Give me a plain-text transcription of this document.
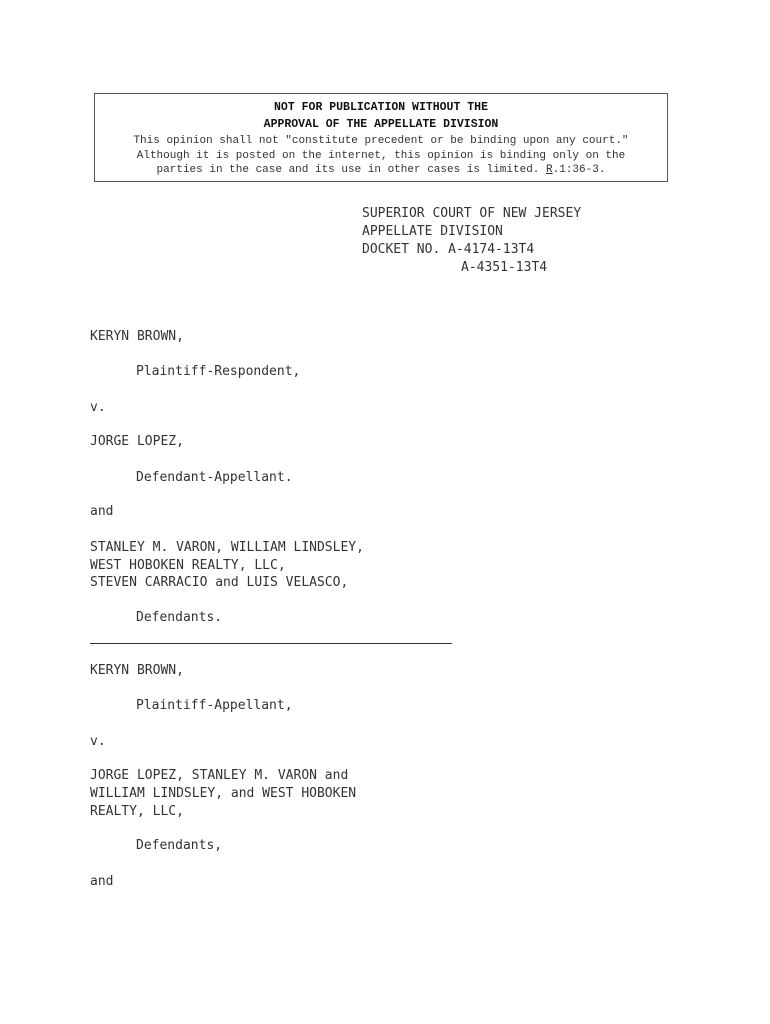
NOT FOR PUBLICATION WITHOUT THE
APPROVAL OF THE APPELLATE DIVISION
This opinion shall not "constitute precedent or be binding upon any court."
Although it is posted on the internet, this opinion is binding only on the
parties in the case and its use in other cases is limited. R.1:36-3.
SUPERIOR COURT OF NEW JERSEY
APPELLATE DIVISION
DOCKET NO. A-4174-13T4
A-4351-13T4
KERYN BROWN,
Plaintiff-Respondent,
v.
JORGE LOPEZ,
Defendant-Appellant.
and
STANLEY M. VARON, WILLIAM LINDSLEY,
WEST HOBOKEN REALTY, LLC,
STEVEN CARRACIO and LUIS VELASCO,
Defendants.
KERYN BROWN,
Plaintiff-Appellant,
v.
JORGE LOPEZ, STANLEY M. VARON and
WILLIAM LINDSLEY, and WEST HOBOKEN
REALTY, LLC,
Defendants,
and
